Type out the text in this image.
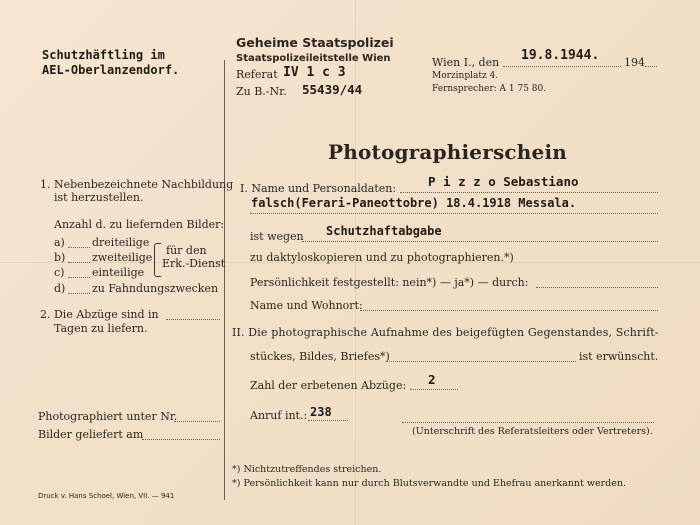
Schutzhäftling im
AEL-Oberlanzendorf.
Geheime Staatspolizei
Staatspolizeileitstelle Wien
Referat IV 1 c 3
Zu B.-Nr. 55439/44
Wien I., den 19.8.1944. 194
Morzinplatz 4.
Fernsprecher: A 1 75 80.
Photographierschein
1. Nebenbezeichnete Nachbildung
ist herzustellen.
Anzahl d. zu liefernden Bilder:
a) dreiteilige
b) zweiteilige
c)	einteilige
d) zu Fahndungszwecken
für den
Erk.-Dienst
2. Die Abzüge sind in
Tagen zu liefern.
Photographiert unter Nr.
Bilder geliefert am
Druck v. Hans Schoel, Wien, VII. — 941
I. Name und Personaldaten:	P i z z o Sebastiano
falsch(Ferari-Paneottobre) 18.4.1918 Messala.
ist wegen Schutzhaftabgabe
zu daktyloskopieren und zu photographieren.*)
Persönlichkeit festgestellt: nein*) — ja*) — durch:
Name und Wohnort:
II. Die photographische Aufnahme des beigefügten Gegenstandes, Schrift-
stückes, Bildes, Briefes*)	ist erwünscht.
Zahl der erbetenen Abzüge: 2
Anruf int.: 238
(Unterschrift des Referatsleiters oder Vertreters).
*) Nichtzutreffendes streichen.
*) Persönlichkeit kann nur durch Blutsverwandte und Ehefrau anerkannt werden.
